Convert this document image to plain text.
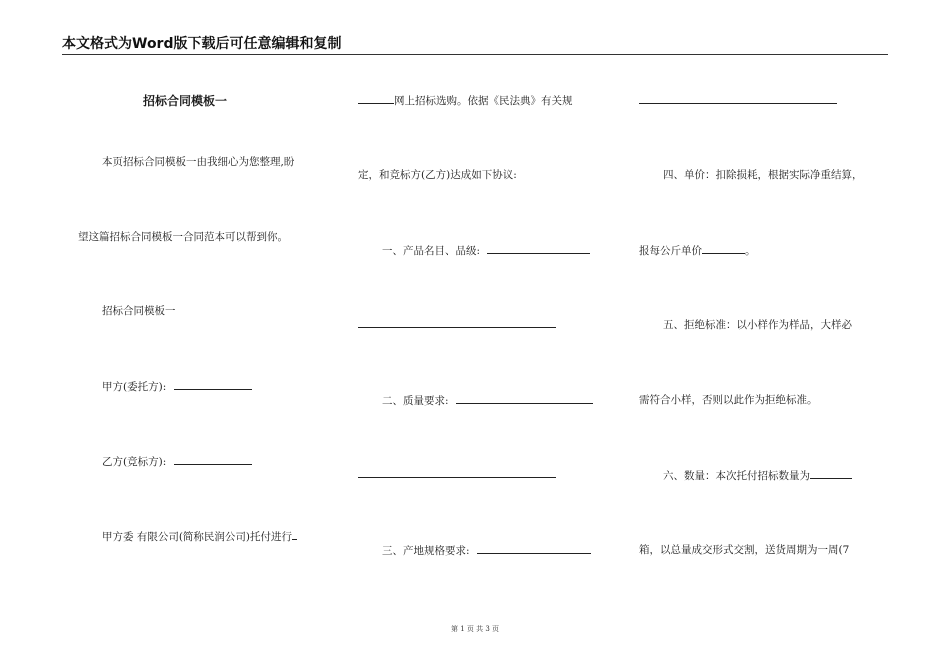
本文格式为Word版下载后可任意编辑和复制
招标合同模板一
本页招标合同模板一由我细心为您整理,盼
望这篇招标合同模板一合同范本可以帮到你。
招标合同模板一
甲方(委托方):
乙方(竞标方):
甲方委 有限公司(简称民润公司)托付进行
网上招标选购。依据《民法典》有关规
定，和竞标方(乙方)达成如下协议:
一、产品名目、品级:
二、质量要求:
三、产地规格要求:
四、单价：扣除损耗，根据实际净重结算，
报每公斤单价	。
五、拒绝标准：以小样作为样品，大样必
需符合小样，否则以此作为拒绝标准。
六、数量：本次托付招标数量为
箱，以总量成交形式交割，送货周期为一周(7
第 1 页 共 3 页
